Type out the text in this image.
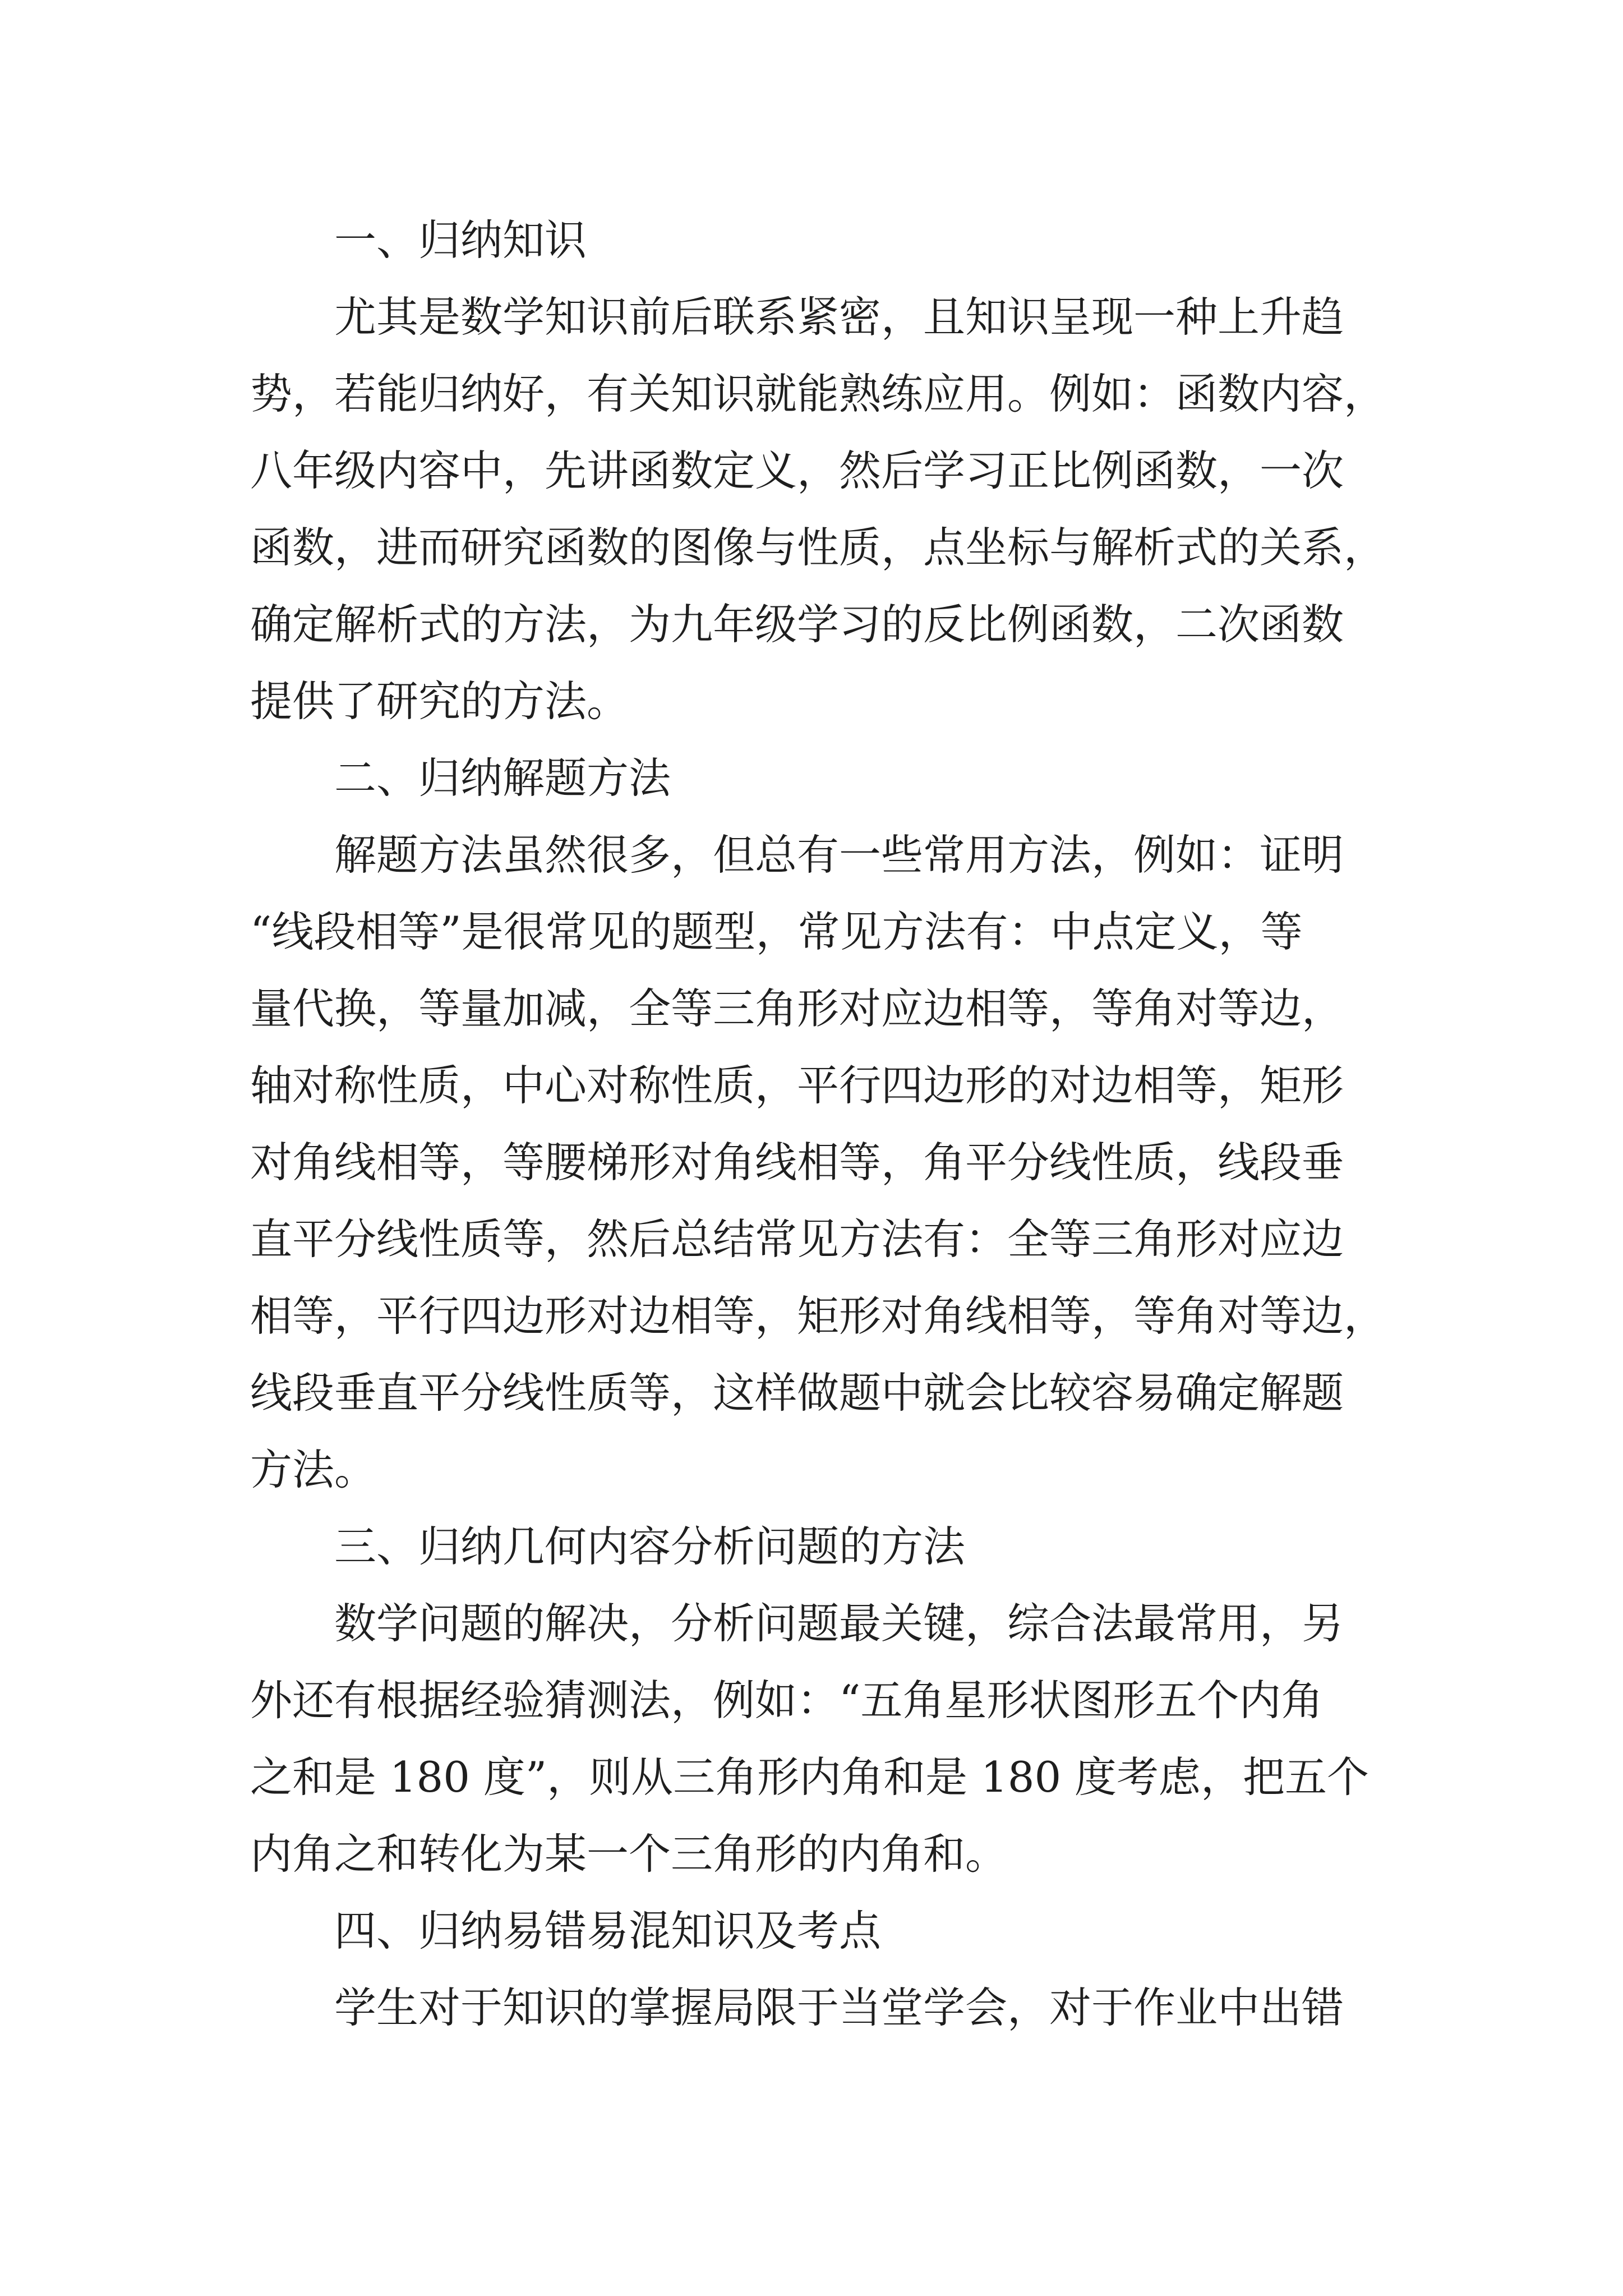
一、归纳知识
尤其是数学知识前后联系紧密，且知识呈现一种上升趋
势，若能归纳好，有关知识就能熟练应用。例如：函数内容，
八年级内容中，先讲函数定义，然后学习正比例函数，一次
函数，进而研究函数的图像与性质，点坐标与解析式的关系，
确定解析式的方法，为九年级学习的反比例函数，二次函数
提供了研究的方法。
二、归纳解题方法
解题方法虽然很多，但总有一些常用方法，例如：证明
“线段相等”是很常见的题型，常见方法有：中点定义，等
量代换，等量加减，全等三角形对应边相等，等角对等边，
轴对称性质，中心对称性质，平行四边形的对边相等，矩形
对角线相等，等腰梯形对角线相等，角平分线性质，线段垂
直平分线性质等，然后总结常见方法有：全等三角形对应边
相等，平行四边形对边相等，矩形对角线相等，等角对等边，
线段垂直平分线性质等，这样做题中就会比较容易确定解题
方法。
三、归纳几何内容分析问题的方法
数学问题的解决，分析问题最关键，综合法最常用，另
外还有根据经验猜测法，例如：“五角星形状图形五个内角
之和是 180 度”，则从三角形内角和是 180 度考虑，把五个
内角之和转化为某一个三角形的内角和。
四、归纳易错易混知识及考点
学生对于知识的掌握局限于当堂学会，对于作业中出错
